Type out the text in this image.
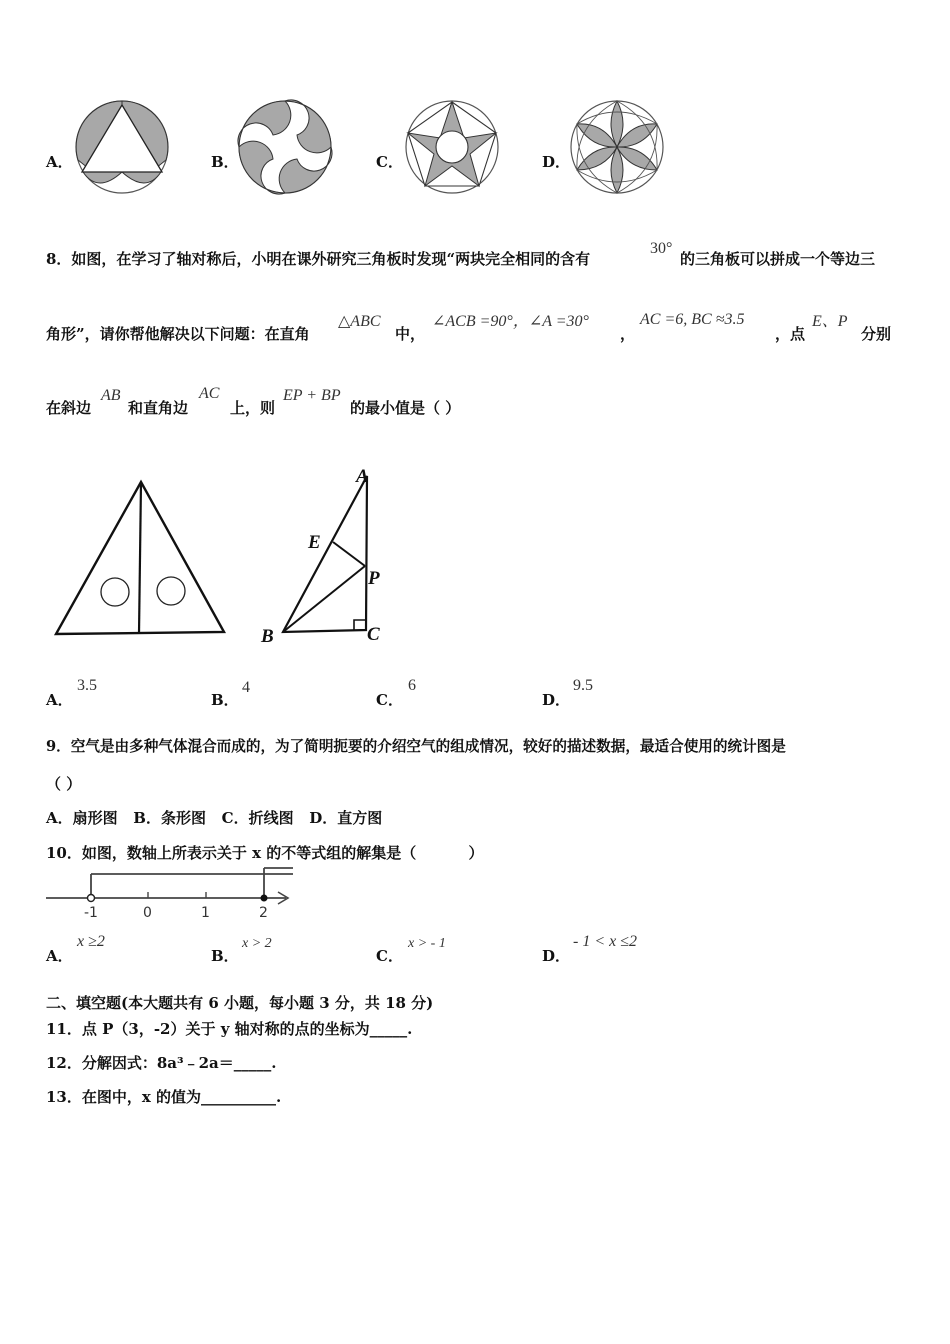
A．	B．	C．	D．
8．如图，在学习了轴对称后，小明在课外研究三角板时发现“两块完全相同的含有
30°
的三角板可以拼成一个等边三
角形”，请你帮他解决以下问题：在直角
△ABC
中，
∠ACB =90°，∠A =30°
，
AC =6, BC ≈3.5
，点
E、P
分别
在斜边
AB
和直角边
AC
上，则
EP + BP
的最小值是（ ）
A
E
P
B	C
A．
3.5
B．
4
C．
6
D．
9.5
9．空气是由多种气体混合而成的，为了简明扼要的介绍空气的组成情况，较好的描述数据，最适合使用的统计图是
（ ）
A．扇形图   B．条形图   C．折线图   D．直方图
10．如图，数轴上所表示关于 x 的不等式组的解集是（          ）
-1	0	1	2
A．
x ≥2
B．
x > 2
C．
x > - 1
D．
- 1 < x ≤2
二、填空题(本大题共有 6 小题，每小题 3 分，共 18 分)
11．点 P（3，-2）关于 y 轴对称的点的坐标为_____.
12．分解因式：8a³﹣2a＝_____.
13．在图中，x 的值为__________.
